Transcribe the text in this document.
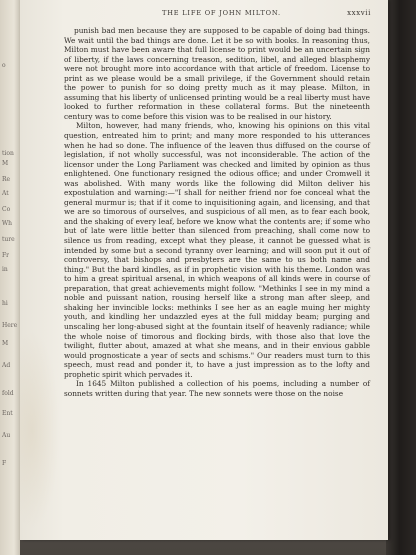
o
tion
M
Re
At
Co
Wh
ture
Fr
in
hi
Here
M
Ad
fold
Ent
Au
F
THE LIFE OF JOHN MILTON.	xxxvii

punish bad men because they are supposed to be capable of doing bad things. We wait until the bad things are done. Let it be so with books. In reasoning thus, Milton must have been aware that full license to print would be an uncertain sign of liberty, if the laws concerning treason, sedition, libel, and alleged blasphemy were not brought more into accordance with that article of freedom. License to print as we please would be a small privilege, if the Government should retain the power to punish for so doing pretty much as it may please. Milton, in assuming that his liberty of unlicensed printing would be a real liberty must have looked to further reformation in these collateral forms. But the nineteenth century was to come before this vision was to be realised in our history.

Milton, however, had many friends, who, knowing his opinions on this vital question, entreated him to print; and many more responded to his utterances when he had so done. The influence of the leaven thus diffused on the course of legislation, if not wholly successful, was not inconsiderable. The action of the licensor under the Long Parliament was checked and limited by opinion as thus enlightened. One functionary resigned the odious office; and under Cromwell it was abolished. With many words like the following did Milton deliver his expostulation and warning:—"I shall for neither friend nor foe conceal what the general murmur is; that if it come to inquisitioning again, and licensing, and that we are so timorous of ourselves, and suspicious of all men, as to fear each book, and the shaking of every leaf, before we know what the contents are; if some who but of late were little better than silenced from preaching, shall come now to silence us from reading, except what they please, it cannot be guessed what is intended by some but a second tyranny over learning; and will soon put it out of controversy, that bishops and presbyters are the same to us both name and thing." But the bard kindles, as if in prophetic vision with his theme. London was to him a great spiritual arsenal, in which weapons of all kinds were in course of preparation, that great achievements might follow. "Methinks I see in my mind a noble and puissant nation, rousing herself like a strong man after sleep, and shaking her invincible locks: methinks I see her as an eagle muing her mighty youth, and kindling her undazzled eyes at the full midday beam; purging and unscaling her long-abused sight at the fountain itself of heavenly radiance; while the whole noise of timorous and flocking birds, with those also that love the twilight, flutter about, amazed at what she means, and in their envious gabble would prognosticate a year of sects and schisms." Our readers must turn to this speech, must read and ponder it, to have a just impression as to the lofty and prophetic spirit which pervades it.

In 1645 Milton published a collection of his poems, including a number of sonnets written during that year. The new sonnets were those on the noise
